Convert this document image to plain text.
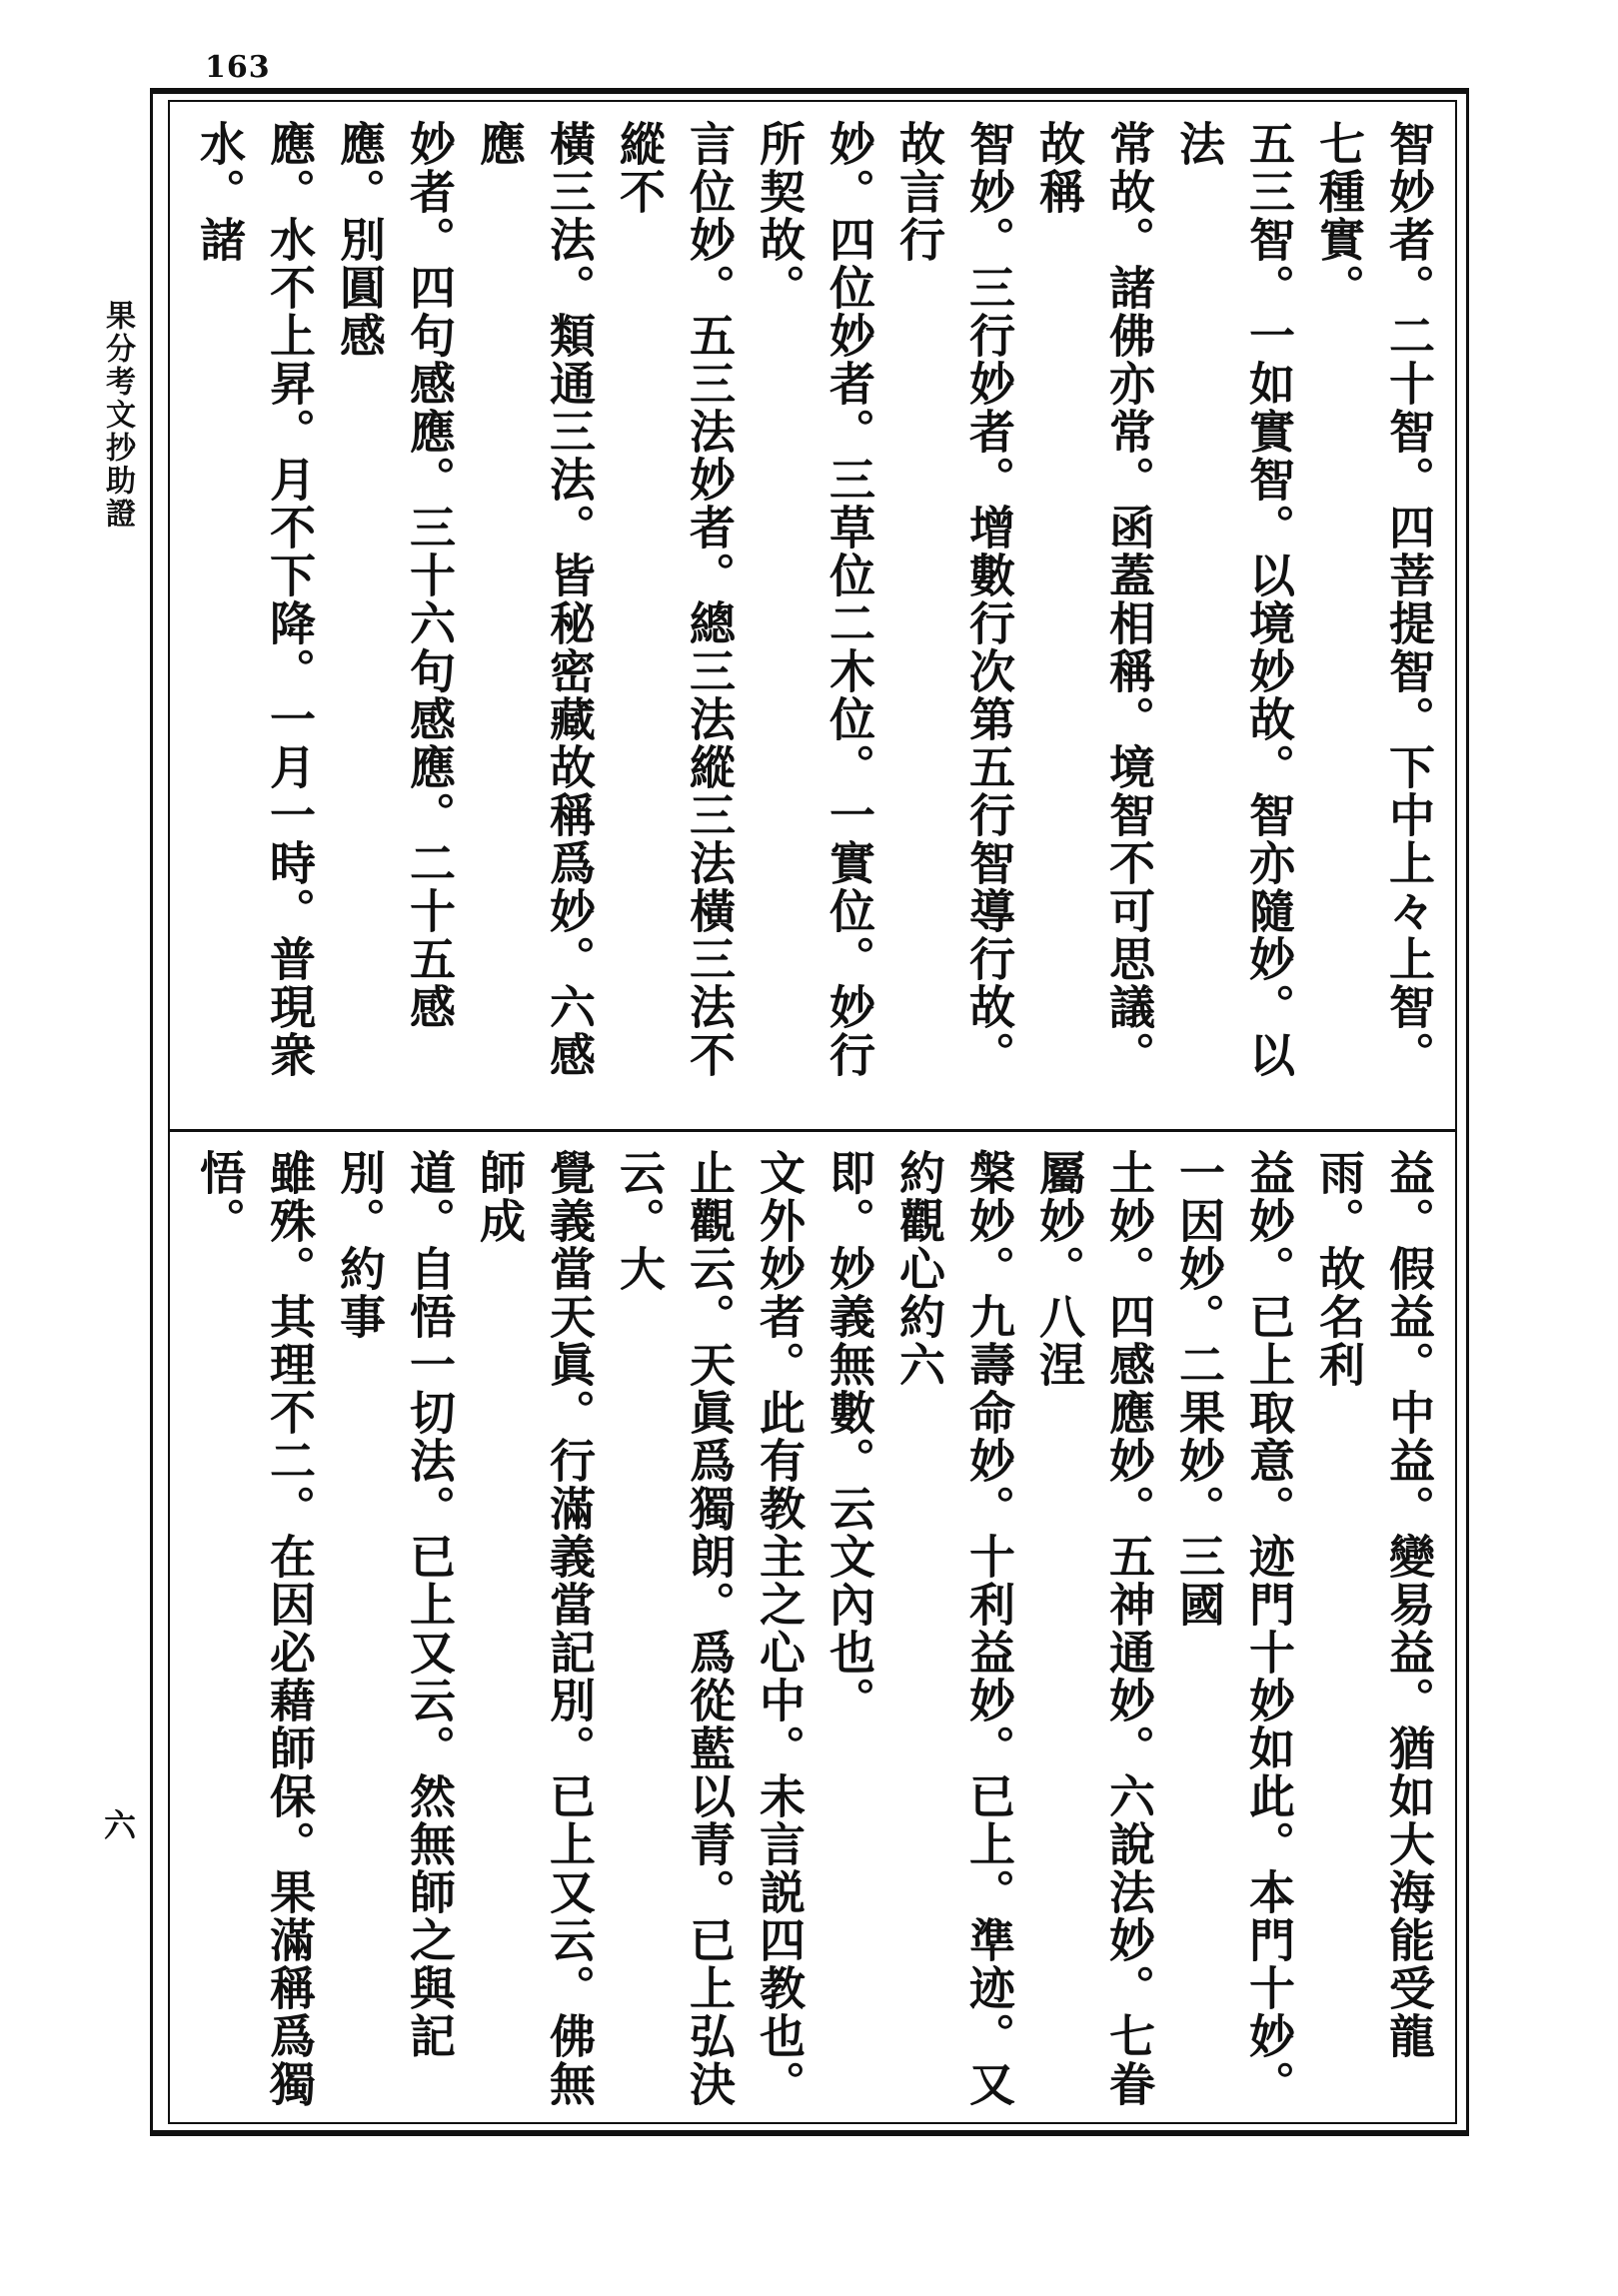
163
果分考文抄助證
六

智妙者。二十智。四菩提智。下中上々上智。七種實。

五三智。一如實智。以境妙故。智亦隨妙。以法

常故。諸佛亦常。函蓋相稱。境智不可思議。故稱

智妙。三行妙者。增數行次第五行智導行故。故言行

妙。四位妙者。三草位二木位。一實位。妙行所契故。

言位妙。五三法妙者。總三法縱三法橫三法不縱不

橫三法。類通三法。皆秘密藏故稱爲妙。六感應

妙者。四句感應。三十六句感應。二十五感應。別圓感

應。水不上昇。月不下降。一月一時。普現衆水。諸

益。假益。中益。變易益。猶如大海能受龍雨。故名利

益妙。已上取意。迹門十妙如此。本門十妙。一因妙。二果妙。三國

土妙。四感應妙。五神通妙。六說法妙。七眷屬妙。八涅

槃妙。九壽命妙。十利益妙。已上。準迹。又約觀心約六

即。妙義無數。云文內也。

文外妙者。此有教主之心中。未言説四教也。

止觀云。天眞爲獨朗。爲從藍以青。已上弘決云。大

覺義當天眞。行滿義當記別。已上又云。佛無師成

道。自悟一切法。已上又云。然無師之與記別。約事

雖殊。其理不二。在因必藉師保。果滿稱爲獨悟。
